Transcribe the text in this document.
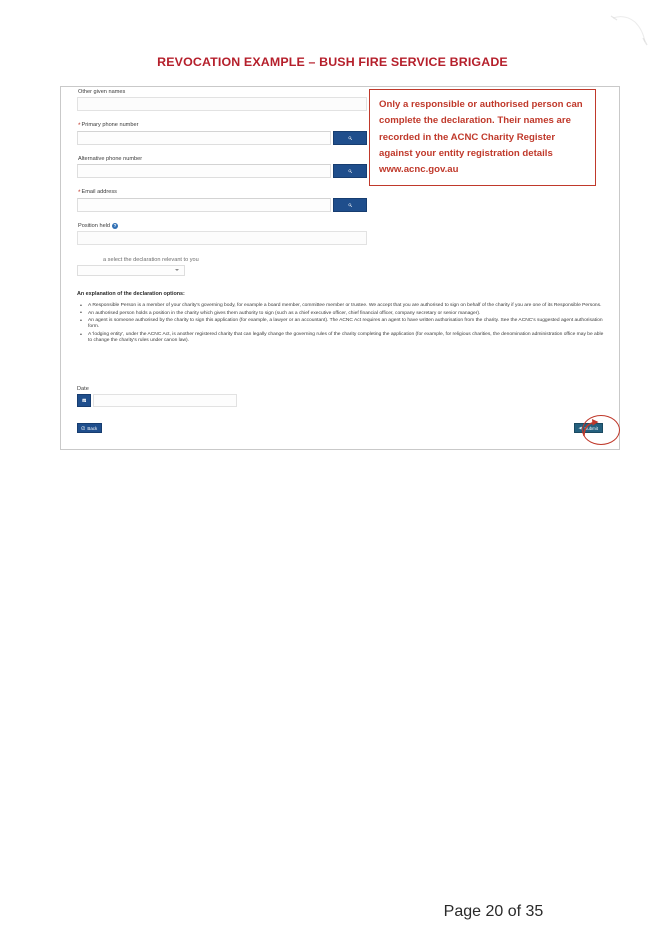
REVOCATION EXAMPLE – BUSH FIRE SERVICE BRIGADE
Other given names
*Primary phone number
Alternative phone number
*Email address
Position held ?
a select the declaration relevant to you
An explanation of the declaration options:
• A Responsible Person is a member of your charity's governing body, for example a board member, committee member or trustee. We accept that you are authorised to sign on behalf of the charity if you are one of its Responsible Persons.
• An authorised person holds a position in the charity which gives them authority to sign (such as a chief executive officer, chief financial officer, company secretary or senior manager).
• An agent is someone authorised by the charity to sign this application (for example, a lawyer or an accountant). The ACNC Act requires an agent to have written authorisation from the charity. See the ACNC's suggested agent authorisation form.
• A 'lodging entity', under the ACNC Act, is another registered charity that can legally change the governing rules of the charity completing the application (for example, for religious charities, the denomination administration office may be able to change the charity's rules under canon law).
Date
Back	Submit
Only a responsible or authorised person can complete the declaration. Their names are recorded in the ACNC Charity Register against your entity registration details www.acnc.gov.au
Page 20 of 35
